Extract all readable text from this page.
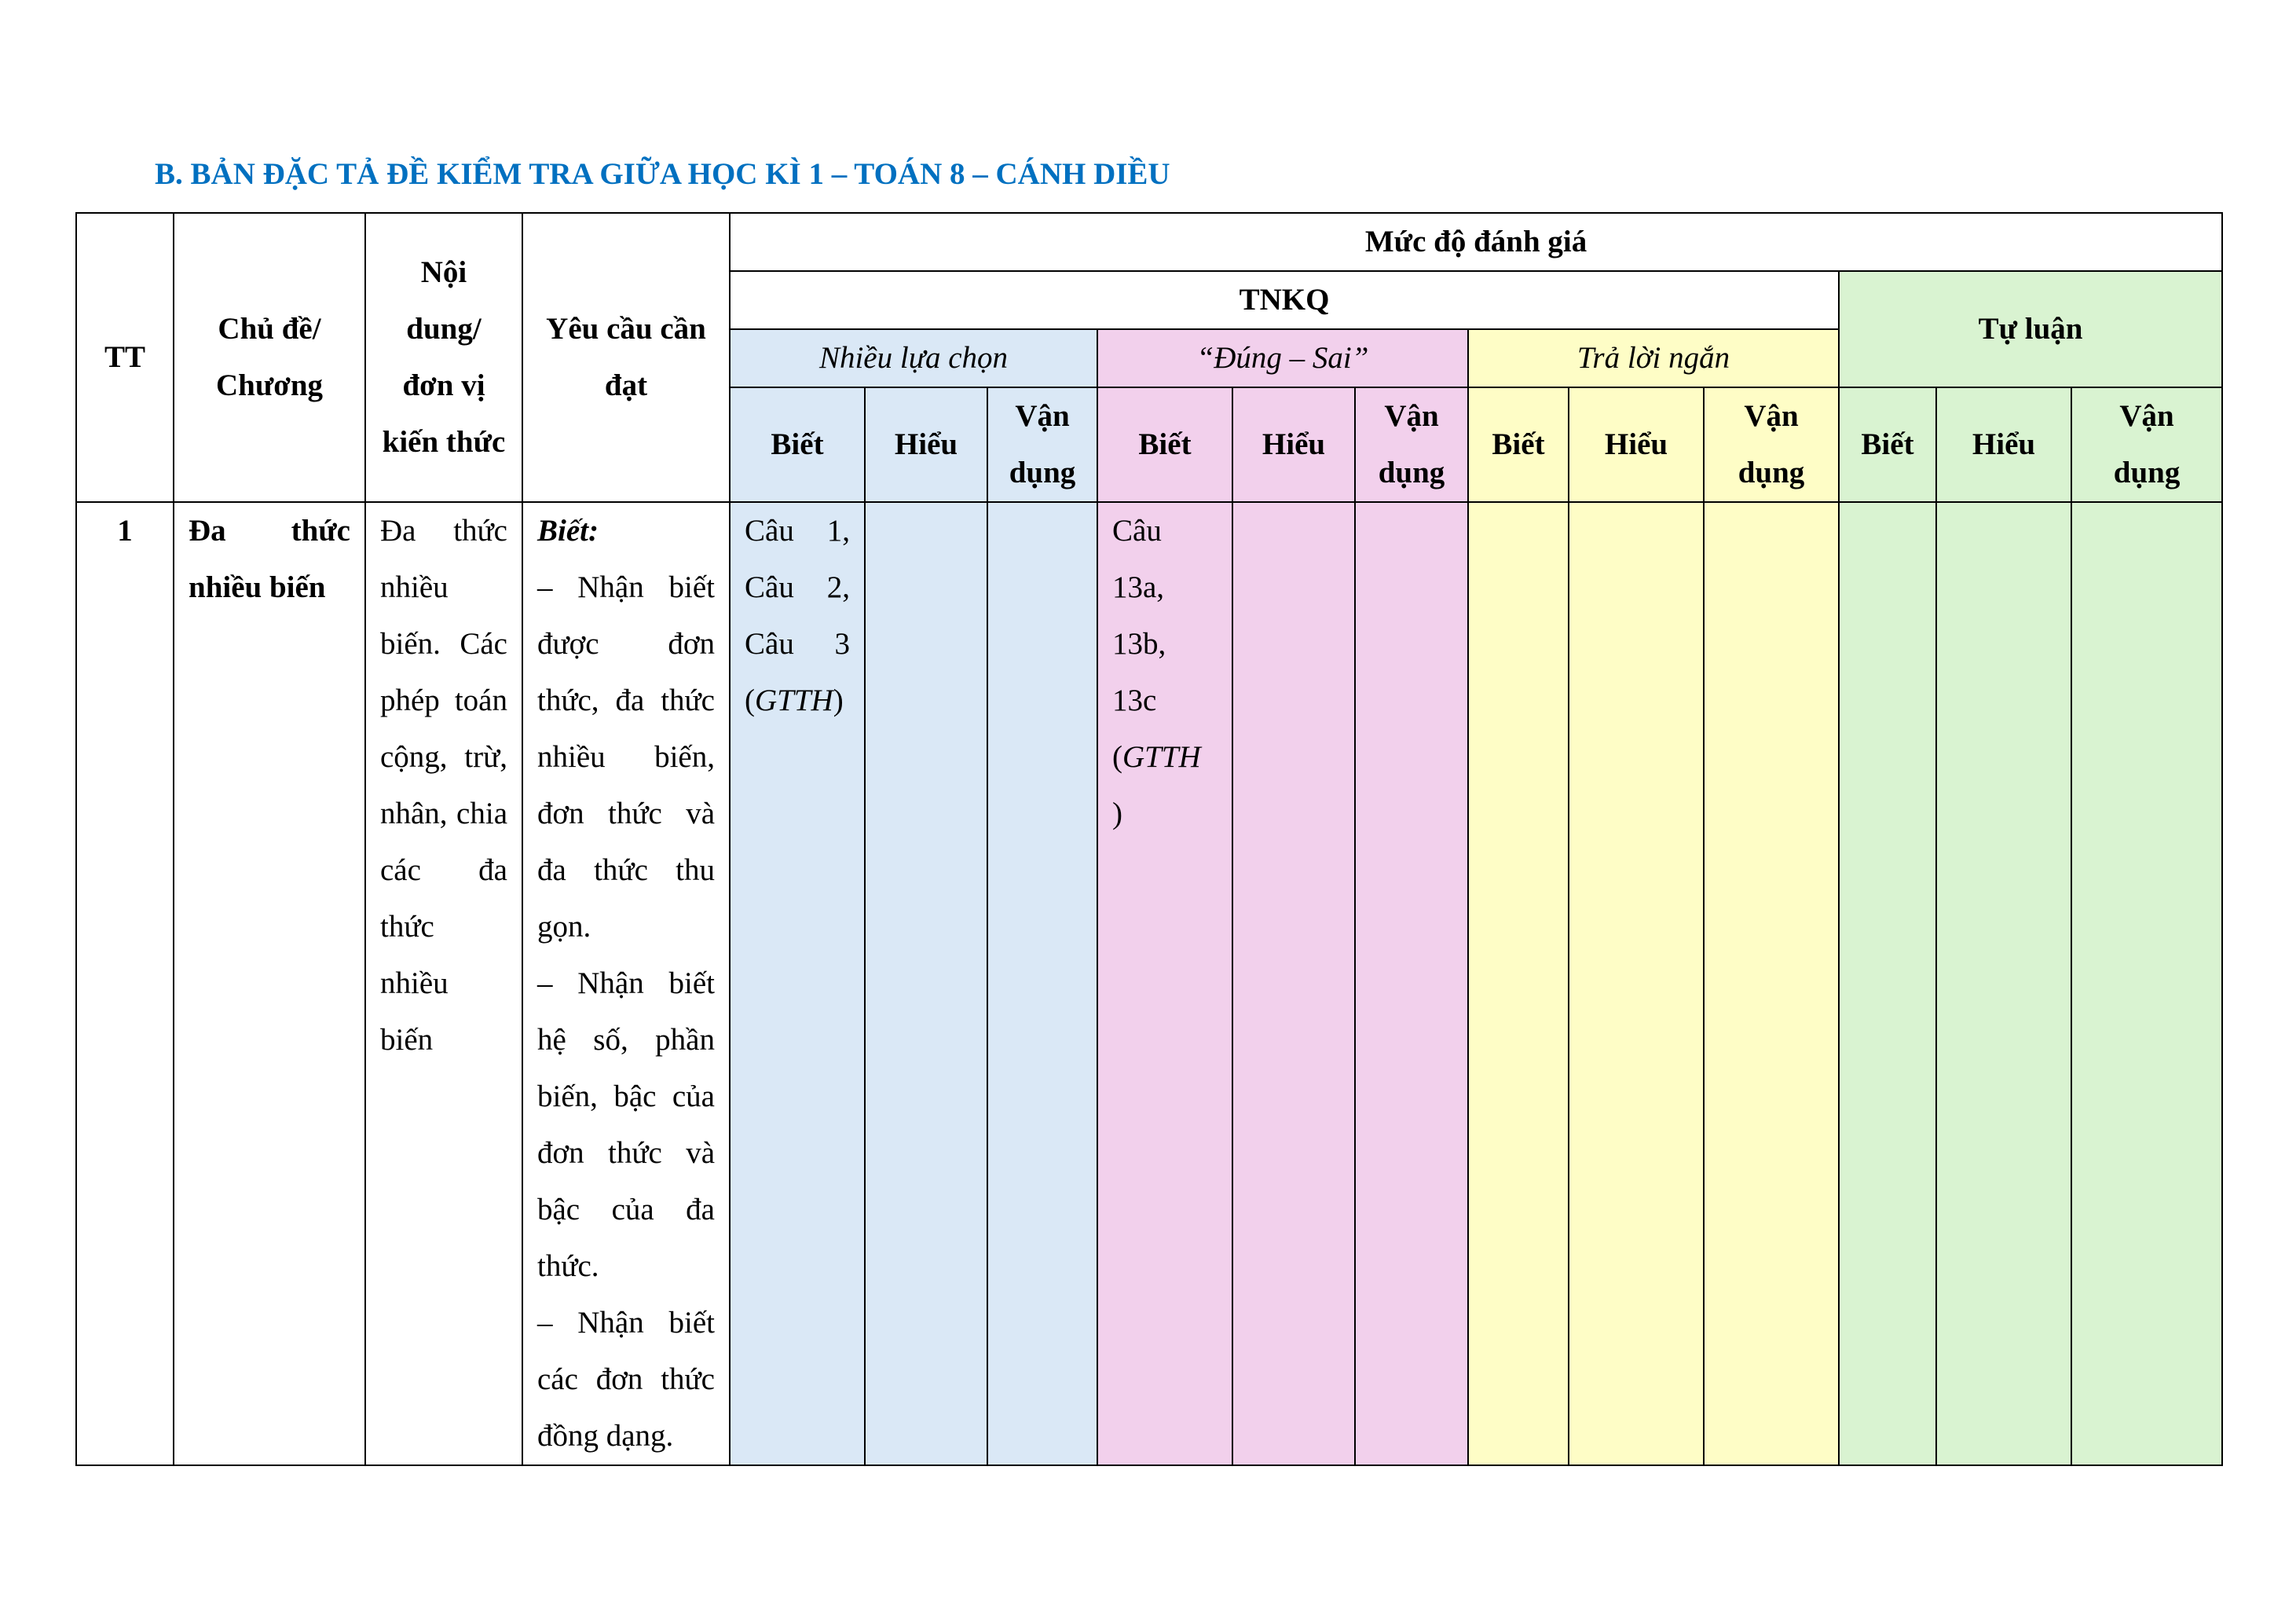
B. BẢN ĐẶC TẢ ĐỀ KIỂM TRA GIỮA HỌC KÌ 1 – TOÁN 8 – CÁNH DIỀU
TT	Chủ đề/ Chương	Nội dung/ đơn vị kiến thức	Yêu cầu cần đạt	Mức độ đánh giá											
				TNKQ									Tự luận		
				Nhiều lựa chọn			“Đúng – Sai”			Trả lời ngắn					
				Biết	Hiểu	Vận dụng	Biết	Hiểu	Vận dụng	Biết	Hiểu	Vận dụng	Biết	Hiểu	Vận dụng
1	Đa thức nhiều biến	Đa thức nhiều biến. Các phép toán cộng, trừ, nhân, chia các đa thức nhiều biến	Biết:
– Nhận biết được đơn thức, đa thức nhiều biến, đơn thức và đa thức thu gọn.
– Nhận biết hệ số, phần biến, bậc của đơn thức và bậc của đa thức.
– Nhận biết các đơn thức đồng dạng.	Câu 1, Câu 2, Câu 3 (GTTH)			Câu 13a, 13b, 13c (GTTH
)								
